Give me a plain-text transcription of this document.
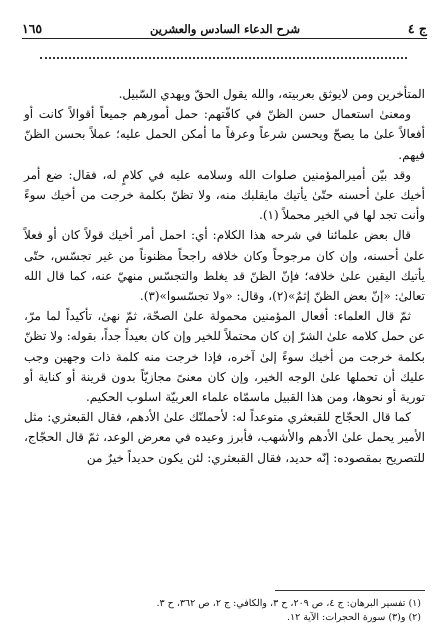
١٦٥	شرح الدعاء السادس والعشرين	ج ٤

المتأخرين ومن لايوثق بعربيته، والله يقول الحقّ ويهدي السّبيل.

ومعنىٰ استعمال حسن الظنّ في كافّتهم: حمل أمورهم جميعاً أقوالاً كانت أو أفعالاً علىٰ ما يصحّ ويحسن شرعاً وعرفاً ما أمكن الحمل عليه؛ عملاً بحسن الظنّ فيهم.

وقد بيّن أميرالمؤمنين صلوات الله وسلامه عليه في كلامٍ له، فقال: ضع أمر أخيك علىٰ أحسنه حتّىٰ يأتيك مايقلبك منه، ولا تظنّ بكلمة خرجت من أخيك سوءً وأنت تجد لها في الخير محملاً (١).

قال بعض علمائنا في شرحه هذا الكلام: أي: احمل أمر أخيك قولاً كان أو فعلاً علىٰ أحسنه، وإن كان مرجوحاً وكان خلافه راجحاً مظنوناً من غير تجسّس، حتّى يأتيك اليقين علىٰ خلافه؛ فإنّ الظنّ قد يغلط والتجسّس منهيّ عنه، كما قال الله تعالىٰ: «إنّ بعض الظنّ إثمٌ»(٢)، وقال: «ولا تجسّسوا»(٣).

ثمّ قال العلماء: أفعال المؤمنين محمولة علىٰ الصحّة، ثمّ نهىٰ، تأكيداً لما مرّ، عن حمل كلامه علىٰ الشرّ إن كان محتملاً للخير وإن كان بعيداً جداً، بقوله: ولا تظنّ بكلمة خرجت من أخيك سوءً إلىٰ آخره، فإذا خرجت منه كلمة ذات وجهين وجب عليك أن تحملها علىٰ الوجه الخير، وإن كان معنىً مجازيّاً بدون قرينة أو كناية أو تورية أو نحوها، ومن هذا القبيل ماسمّاه علماء العربيّة اسلوب الحكيم.

كما قال الحجّاج للقبعثري متوعداً له: لأحملنّك علىٰ الأدهم، فقال القبعثري: مثل الأمير يحمل علىٰ الأدهم والأشهب، فأبرز وعيده في معرض الوعد، ثمّ قال الحجّاج، للتصريح بمقصوده: إنّه حديد، فقال القبعثري: لئن يكون حديداً خيرٌ من

(١) تفسير البرهان: ج ٤، ص ٢٠٩، ح ٣، والكافي: ج ٢، ص ٣٦٢، ح ٣.
(٢) و(٣) سورة الحجرات: الآية ١٢.
